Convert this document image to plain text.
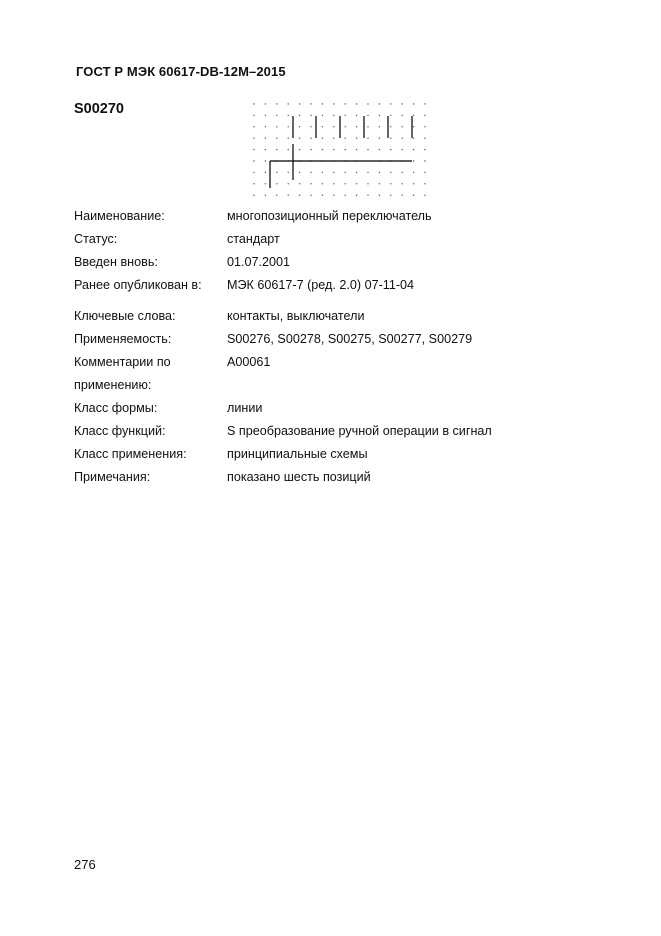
ГОСТ Р МЭК 60617-DB-12M–2015
S00270
Наименование:	многопозиционный переключатель
Статус:	стандарт
Введен вновь:	01.07.2001
Ранее опубликован в:	МЭК 60617-7 (ред. 2.0) 07-11-04
Ключевые слова:	контакты, выключатели
Применяемость:	S00276, S00278, S00275, S00277, S00279
Комментарии по	A00061
применению:
Класс формы:	линии
Класс функций:	S преобразование ручной операции в сигнал
Класс применения:	принципиальные схемы
Примечания:	показано шесть позиций
276
